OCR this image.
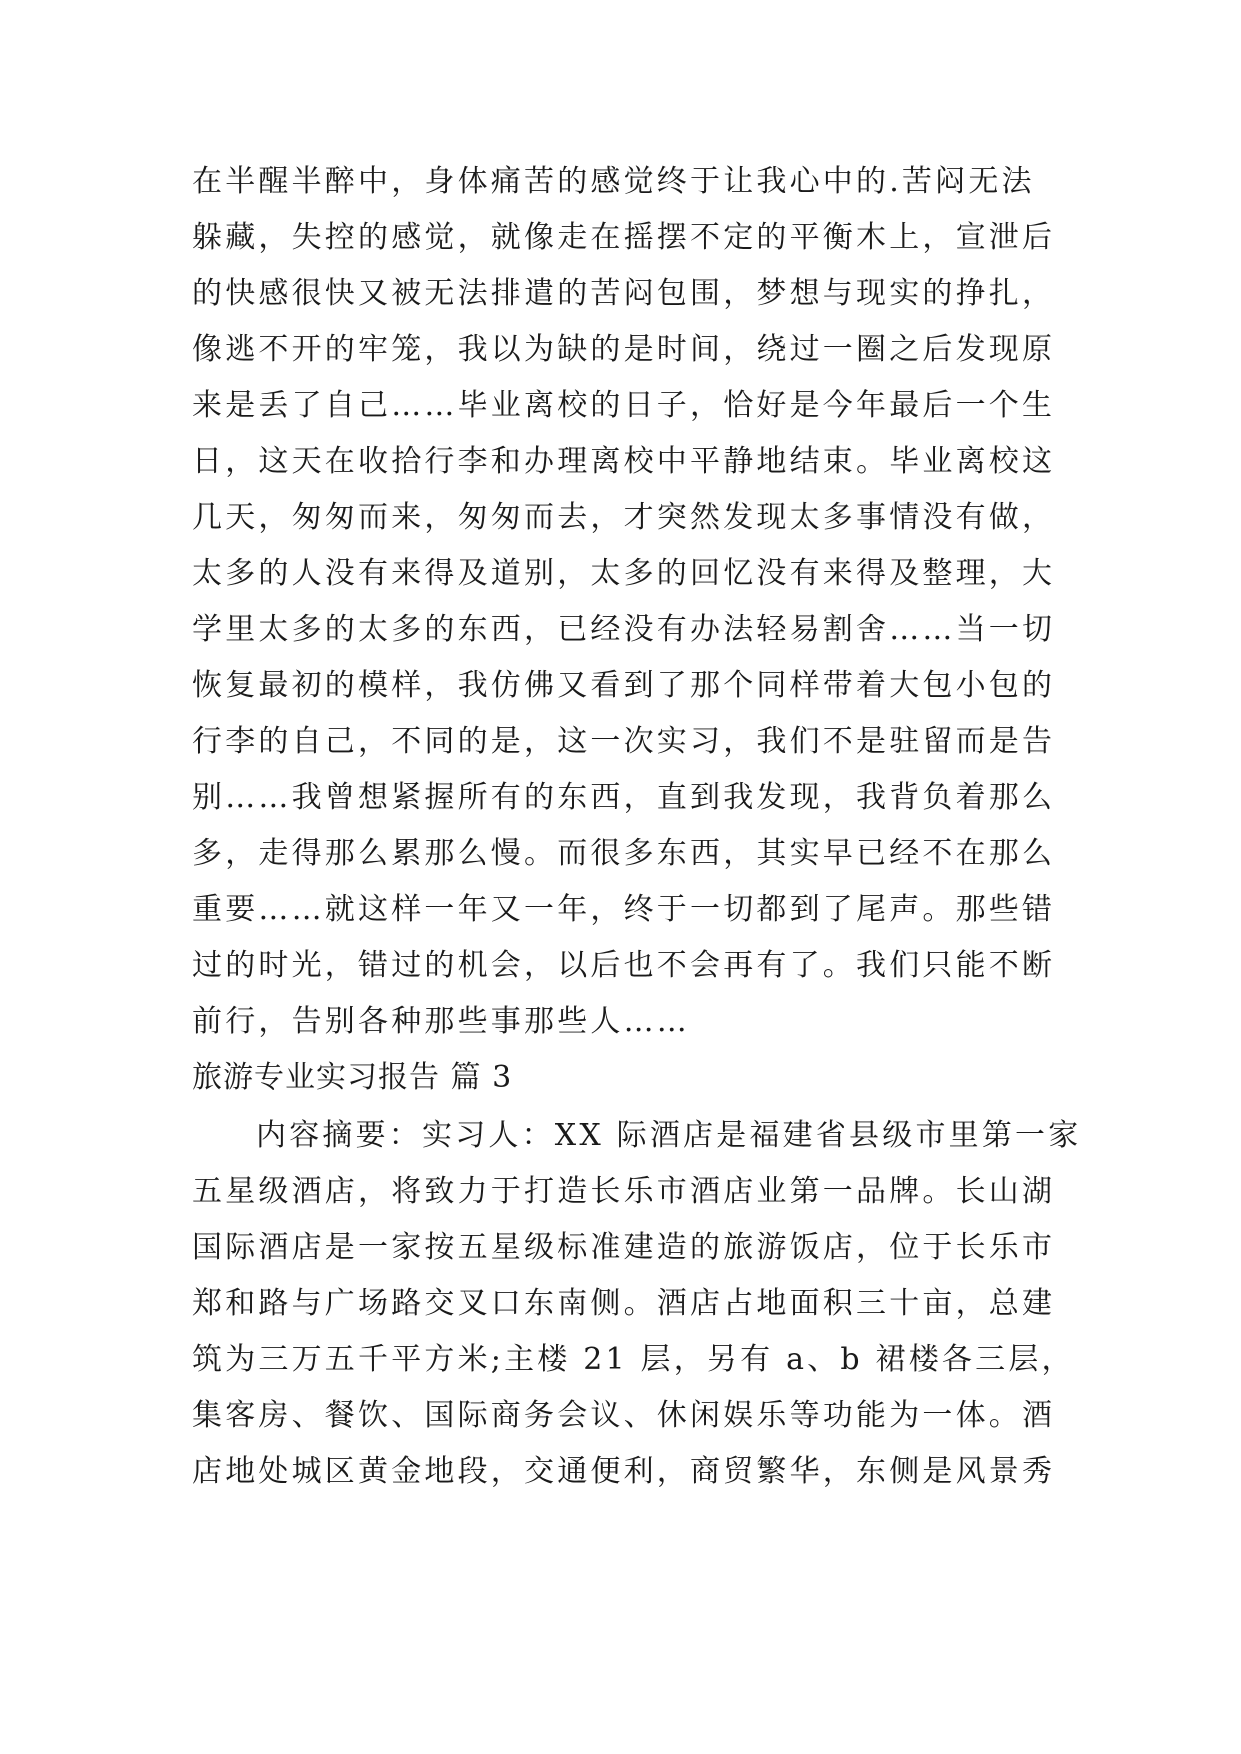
在半醒半醉中，身体痛苦的感觉终于让我心中的.苦闷无法
躲藏，失控的感觉，就像走在摇摆不定的平衡木上，宣泄后
的快感很快又被无法排遣的苦闷包围，梦想与现实的挣扎，
像逃不开的牢笼，我以为缺的是时间，绕过一圈之后发现原
来是丢了自己……毕业离校的日子，恰好是今年最后一个生
日，这天在收拾行李和办理离校中平静地结束。毕业离校这
几天，匆匆而来，匆匆而去，才突然发现太多事情没有做，
太多的人没有来得及道别，太多的回忆没有来得及整理，大
学里太多的太多的东西，已经没有办法轻易割舍……当一切
恢复最初的模样，我仿佛又看到了那个同样带着大包小包的
行李的自己，不同的是，这一次实习，我们不是驻留而是告
别……我曾想紧握所有的东西，直到我发现，我背负着那么
多，走得那么累那么慢。而很多东西，其实早已经不在那么
重要……就这样一年又一年，终于一切都到了尾声。那些错
过的时光，错过的机会，以后也不会再有了。我们只能不断
前行，告别各种那些事那些人……
旅游专业实习报告 篇 3
内容摘要：实习人：XX 际酒店是福建省县级市里第一家
五星级酒店，将致力于打造长乐市酒店业第一品牌。长山湖
国际酒店是一家按五星级标准建造的旅游饭店，位于长乐市
郑和路与广场路交叉口东南侧。酒店占地面积三十亩，总建
筑为三万五千平方米;主楼 21 层，另有 a、b 裙楼各三层，
集客房、餐饮、国际商务会议、休闲娱乐等功能为一体。酒
店地处城区黄金地段，交通便利，商贸繁华，东侧是风景秀
